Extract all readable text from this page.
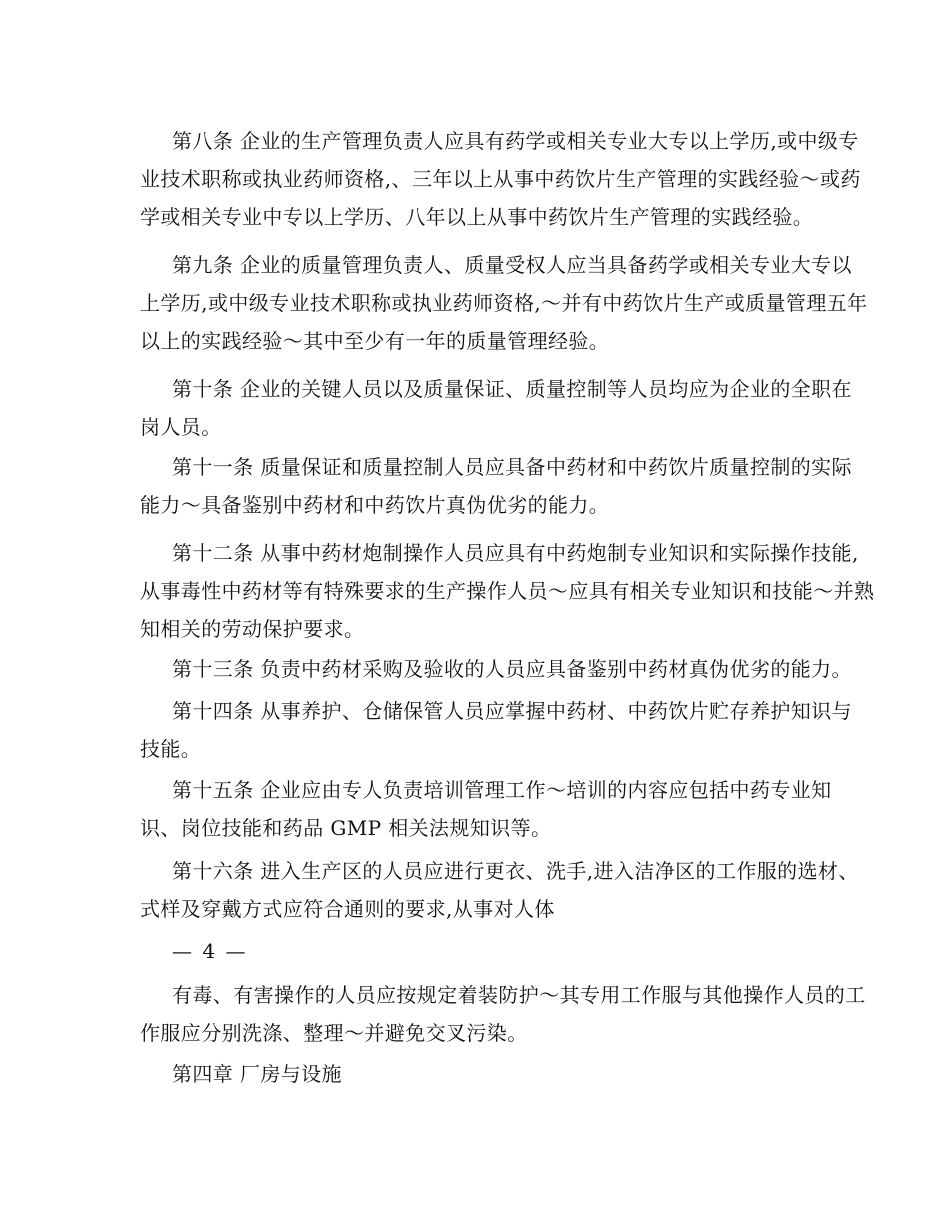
第八条 企业的生产管理负责人应具有药学或相关专业大专以上学历,或中级专

业技术职称或执业药师资格,、三年以上从事中药饮片生产管理的实践经验～或药

学或相关专业中专以上学历、八年以上从事中药饮片生产管理的实践经验。

第九条 企业的质量管理负责人、质量受权人应当具备药学或相关专业大专以

上学历,或中级专业技术职称或执业药师资格,～并有中药饮片生产或质量管理五年

以上的实践经验～其中至少有一年的质量管理经验。

第十条 企业的关键人员以及质量保证、质量控制等人员均应为企业的全职在

岗人员。

第十一条 质量保证和质量控制人员应具备中药材和中药饮片质量控制的实际

能力～具备鉴别中药材和中药饮片真伪优劣的能力。

第十二条 从事中药材炮制操作人员应具有中药炮制专业知识和实际操作技能,

从事毒性中药材等有特殊要求的生产操作人员～应具有相关专业知识和技能～并熟

知相关的劳动保护要求。

第十三条 负责中药材采购及验收的人员应具备鉴别中药材真伪优劣的能力。

第十四条 从事养护、仓储保管人员应掌握中药材、中药饮片贮存养护知识与

技能。

第十五条 企业应由专人负责培训管理工作～培训的内容应包括中药专业知

识、岗位技能和药品 GMP 相关法规知识等。

第十六条 进入生产区的人员应进行更衣、洗手,进入洁净区的工作服的选材、

式样及穿戴方式应符合通则的要求,从事对人体

— 4 —

有毒、有害操作的人员应按规定着装防护～其专用工作服与其他操作人员的工

作服应分别洗涤、整理～并避免交叉污染。

第四章 厂房与设施
